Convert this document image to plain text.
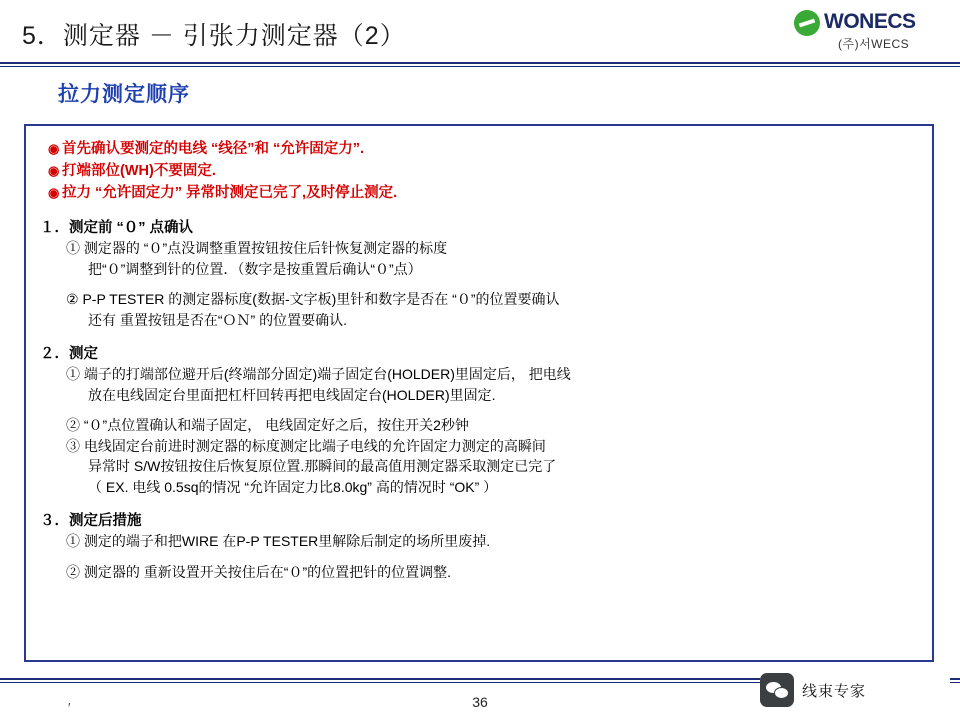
5．测定器 － 引张力测定器（2）
WONECS
(주)서WECS
拉力测定顺序
◉ 首先确认要测定的电线 “线径”和 “允许固定力”.
◉ 打端部位(WH)不要固定.
◉ 拉力 “允许固定力” 异常时测定已完了,及时停止测定.
１．测定前 “０” 点确认
① 测定器的 “０”点没调整重置按钮按住后针恢复测定器的标度
把“０”调整到针的位置．（数字是按重置后确认“０”点）
② P-P TESTER 的测定器标度(数据-文字板)里针和数字是否在 “０”的位置要确认
还有 重置按钮是否在“ＯＮ” 的位置要确认.
２．测定
① 端子的打端部位避开后(终端部分固定)端子固定台(HOLDER)里固定后， 把电线
放在电线固定台里面把杠杆回转再把电线固定台(HOLDER)里固定.
② “０”点位置确认和端子固定， 电线固定好之后，按住开关2秒钟
③ 电线固定台前进时测定器的标度测定比端子电线的允许固定力测定的高瞬间
异常时 S/W按钮按住后恢复原位置.那瞬间的最高值用测定器采取测定已完了
（ EX. 电线 0.5sq的情况 “允许固定力比8.0kg” 高的情况时 “OK” ）
３．测定后措施
① 测定的端子和把WIRE 在P-P TESTER里解除后制定的场所里废掉.
② 测定器的 重新设置开关按住后在“０”的位置把针的位置调整.
36
′
线束专家
